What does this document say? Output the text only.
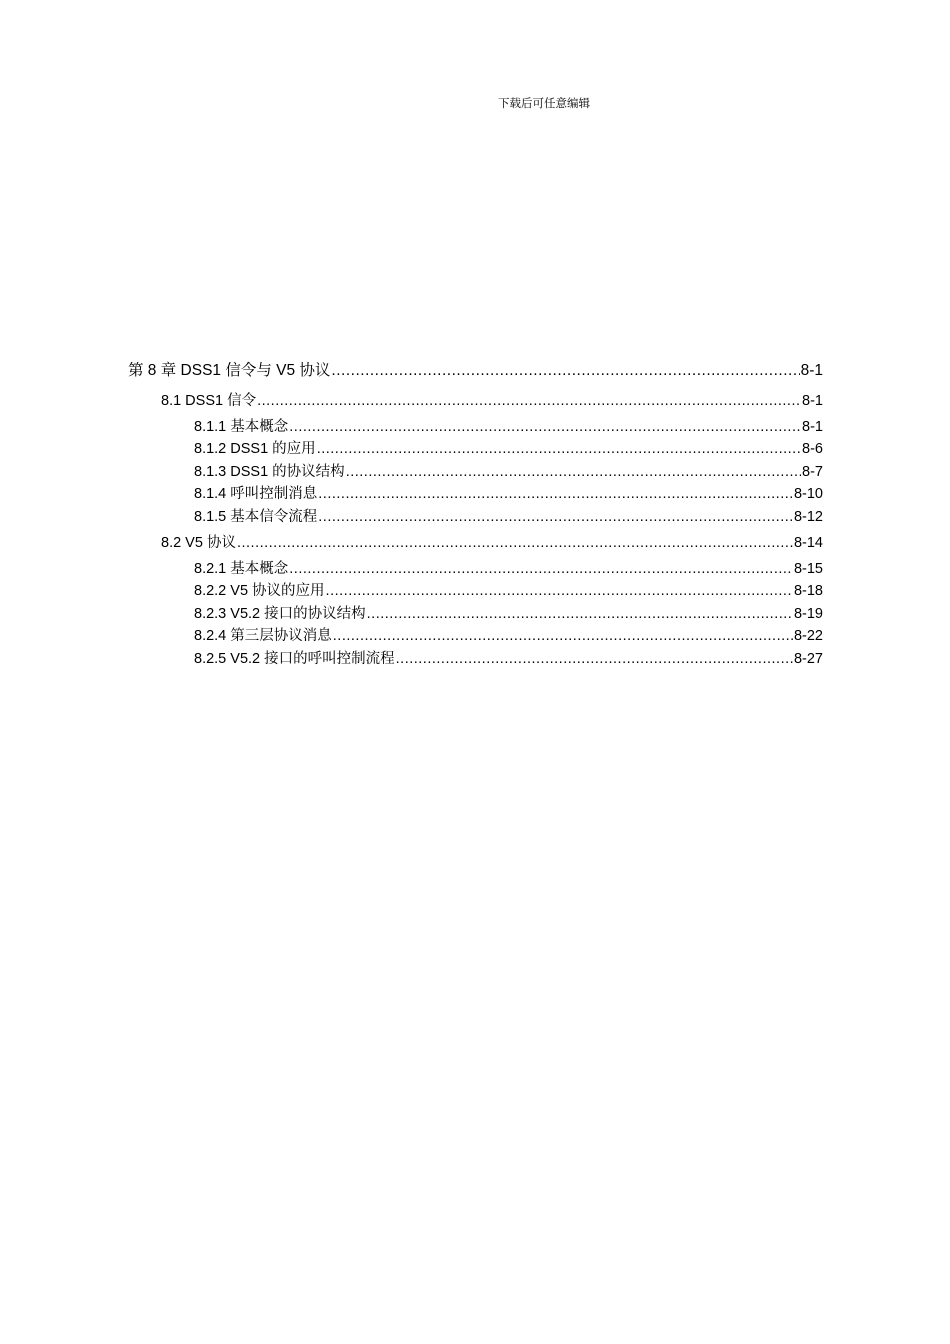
下载后可任意编辑
第 8 章 DSS1 信令与 V5 协议 .....	8-1
8.1 DSS1 信令 .....	8-1
8.1.1 基本概念 .....	8-1
8.1.2 DSS1 的应用 .....	8-6
8.1.3 DSS1 的协议结构 .....	8-7
8.1.4 呼叫控制消息 .....	8-10
8.1.5 基本信令流程 .....	8-12
8.2 V5 协议 .....	8-14
8.2.1 基本概念 .....	8-15
8.2.2 V5 协议的应用 .....	8-18
8.2.3 V5.2 接口的协议结构 .....	8-19
8.2.4 第三层协议消息 .....	8-22
8.2.5 V5.2 接口的呼叫控制流程 .....	8-27
